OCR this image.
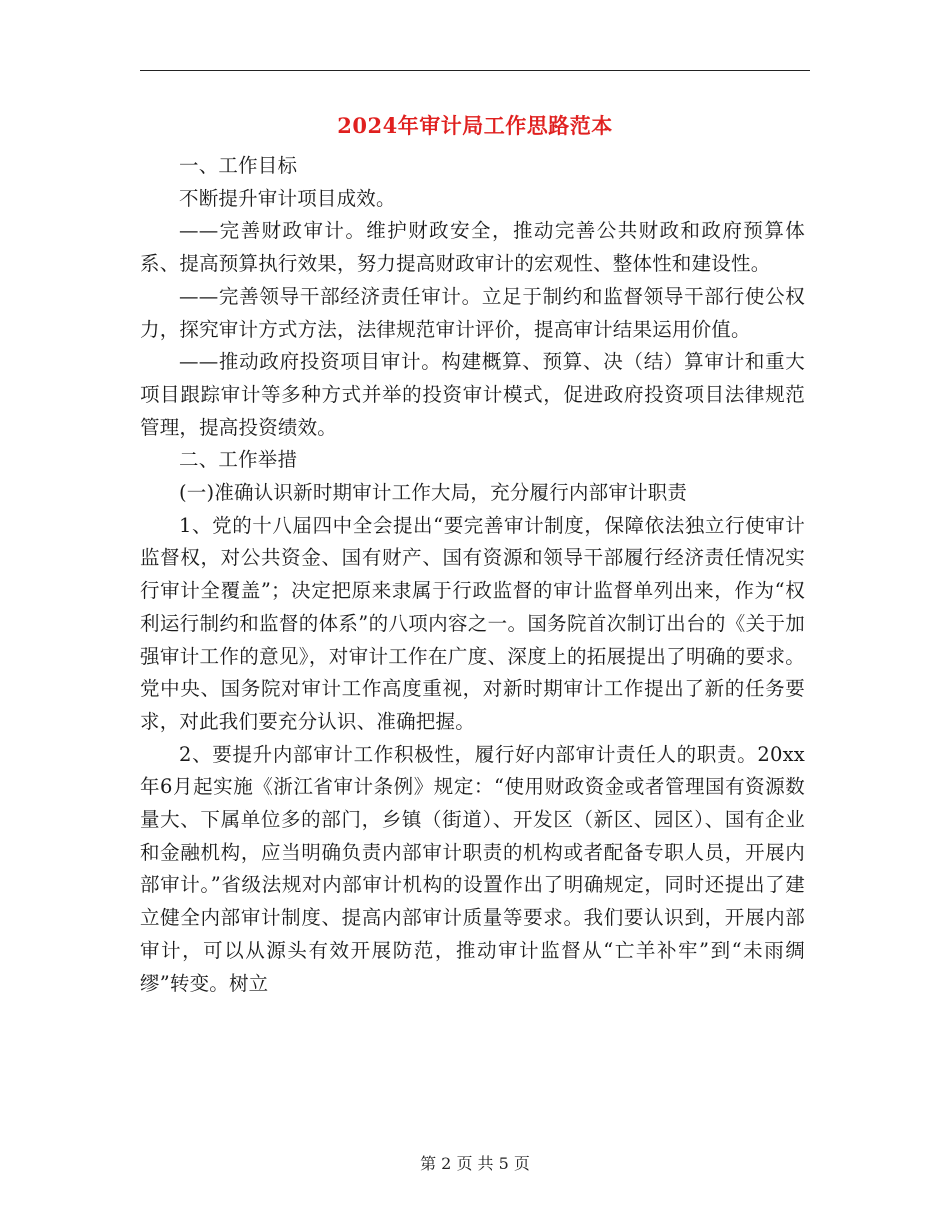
2024年审计局工作思路范本

一、工作目标

不断提升审计项目成效。

——完善财政审计。维护财政安全，推动完善公共财政和政府预算体系、提高预算执行效果，努力提高财政审计的宏观性、整体性和建设性。

——完善领导干部经济责任审计。立足于制约和监督领导干部行使公权力，探究审计方式方法，法律规范审计评价，提高审计结果运用价值。

——推动政府投资项目审计。构建概算、预算、决（结）算审计和重大项目跟踪审计等多种方式并举的投资审计模式，促进政府投资项目法律规范管理，提高投资绩效。

二、工作举措

(一)准确认识新时期审计工作大局，充分履行内部审计职责

1、党的十八届四中全会提出“要完善审计制度，保障依法独立行使审计监督权，对公共资金、国有财产、国有资源和领导干部履行经济责任情况实行审计全覆盖”；决定把原来隶属于行政监督的审计监督单列出来，作为“权利运行制约和监督的体系”的八项内容之一。国务院首次制订出台的《关于加强审计工作的意见》，对审计工作在广度、深度上的拓展提出了明确的要求。党中央、国务院对审计工作高度重视，对新时期审计工作提出了新的任务要求，对此我们要充分认识、准确把握。

2、要提升内部审计工作积极性，履行好内部审计责任人的职责。20xx年6月起实施《浙江省审计条例》规定：“使用财政资金或者管理国有资源数量大、下属单位多的部门，乡镇（街道）、开发区（新区、园区）、国有企业和金融机构，应当明确负责内部审计职责的机构或者配备专职人员，开展内部审计。”省级法规对内部审计机构的设置作出了明确规定，同时还提出了建立健全内部审计制度、提高内部审计质量等要求。我们要认识到，开展内部审计，可以从源头有效开展防范，推动审计监督从“亡羊补牢”到“未雨绸缪”转变。树立

第 2 页 共 5 页
